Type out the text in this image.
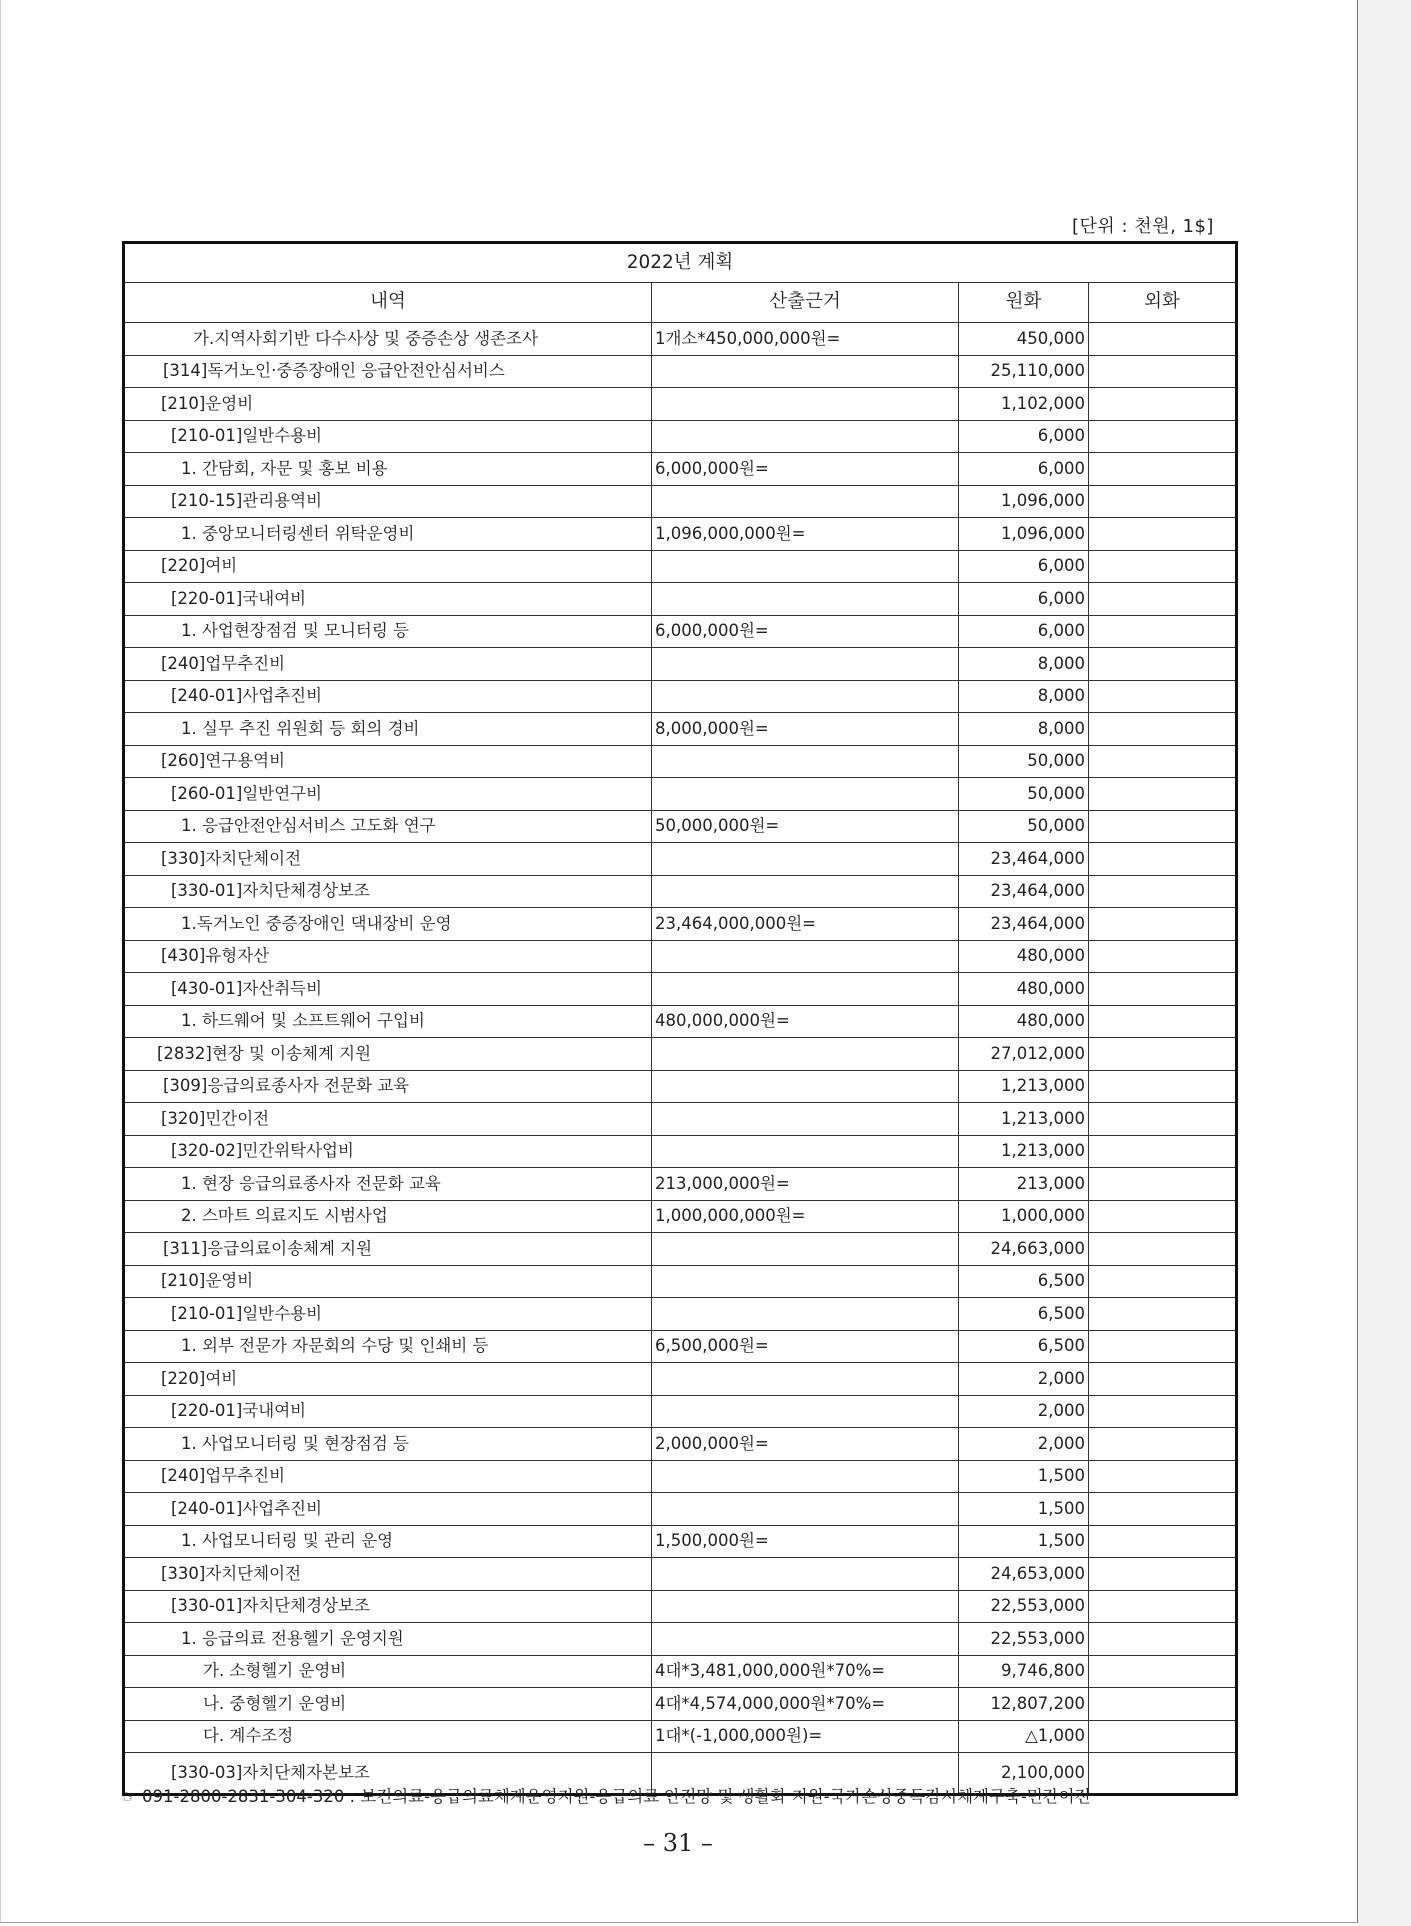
[단위 : 천원, 1$]
2022년 계획			
내역	산출근거	원화	외화
가.지역사회기반 다수사상 및 중증손상 생존조사	1개소*450,000,000원=	450,000	
[314]독거노인·중증장애인 응급안전안심서비스		25,110,000	
[210]운영비		1,102,000	
[210-01]일반수용비		6,000	
1. 간담회, 자문 및 홍보 비용	6,000,000원=	6,000	
[210-15]관리용역비		1,096,000	
1. 중앙모니터링센터 위탁운영비	1,096,000,000원=	1,096,000	
[220]여비		6,000	
[220-01]국내여비		6,000	
1. 사업현장점검 및 모니터링 등	6,000,000원=	6,000	
[240]업무추진비		8,000	
[240-01]사업추진비		8,000	
1. 실무 추진 위원회 등 회의 경비	8,000,000원=	8,000	
[260]연구용역비		50,000	
[260-01]일반연구비		50,000	
1. 응급안전안심서비스 고도화 연구	50,000,000원=	50,000	
[330]자치단체이전		23,464,000	
[330-01]자치단체경상보조		23,464,000	
1.독거노인 중증장애인 댁내장비 운영	23,464,000,000원=	23,464,000	
[430]유형자산		480,000	
[430-01]자산취득비		480,000	
1. 하드웨어 및 소프트웨어 구입비	480,000,000원=	480,000	
[2832]현장 및 이송체계 지원		27,012,000	
[309]응급의료종사자 전문화 교육		1,213,000	
[320]민간이전		1,213,000	
[320-02]민간위탁사업비		1,213,000	
1. 현장 응급의료종사자 전문화 교육	213,000,000원=	213,000	
2. 스마트 의료지도 시범사업	1,000,000,000원=	1,000,000	
[311]응급의료이송체계 지원		24,663,000	
[210]운영비		6,500	
[210-01]일반수용비		6,500	
1. 외부 전문가 자문회의 수당 및 인쇄비 등	6,500,000원=	6,500	
[220]여비		2,000	
[220-01]국내여비		2,000	
1. 사업모니터링 및 현장점검 등	2,000,000원=	2,000	
[240]업무추진비		1,500	
[240-01]사업추진비		1,500	
1. 사업모니터링 및 관리 운영	1,500,000원=	1,500	
[330]자치단체이전		24,653,000	
[330-01]자치단체경상보조		22,553,000	
1. 응급의료 전용헬기 운영지원		22,553,000	
가. 소형헬기 운영비	4대*3,481,000,000원*70%=	9,746,800	
나. 중형헬기 운영비	4대*4,574,000,000원*70%=	12,807,200	
다. 계수조정	1대*(-1,000,000원)=	△1,000	
[330-03]자치단체자본보조		2,100,000	
☞ 091-2800-2831-304-320 : 보건의료-응급의료체계운영지원-응급의료 안전망 및 생활화 지원-국가손상중독감시체계구축-민간이전
– 31 –
